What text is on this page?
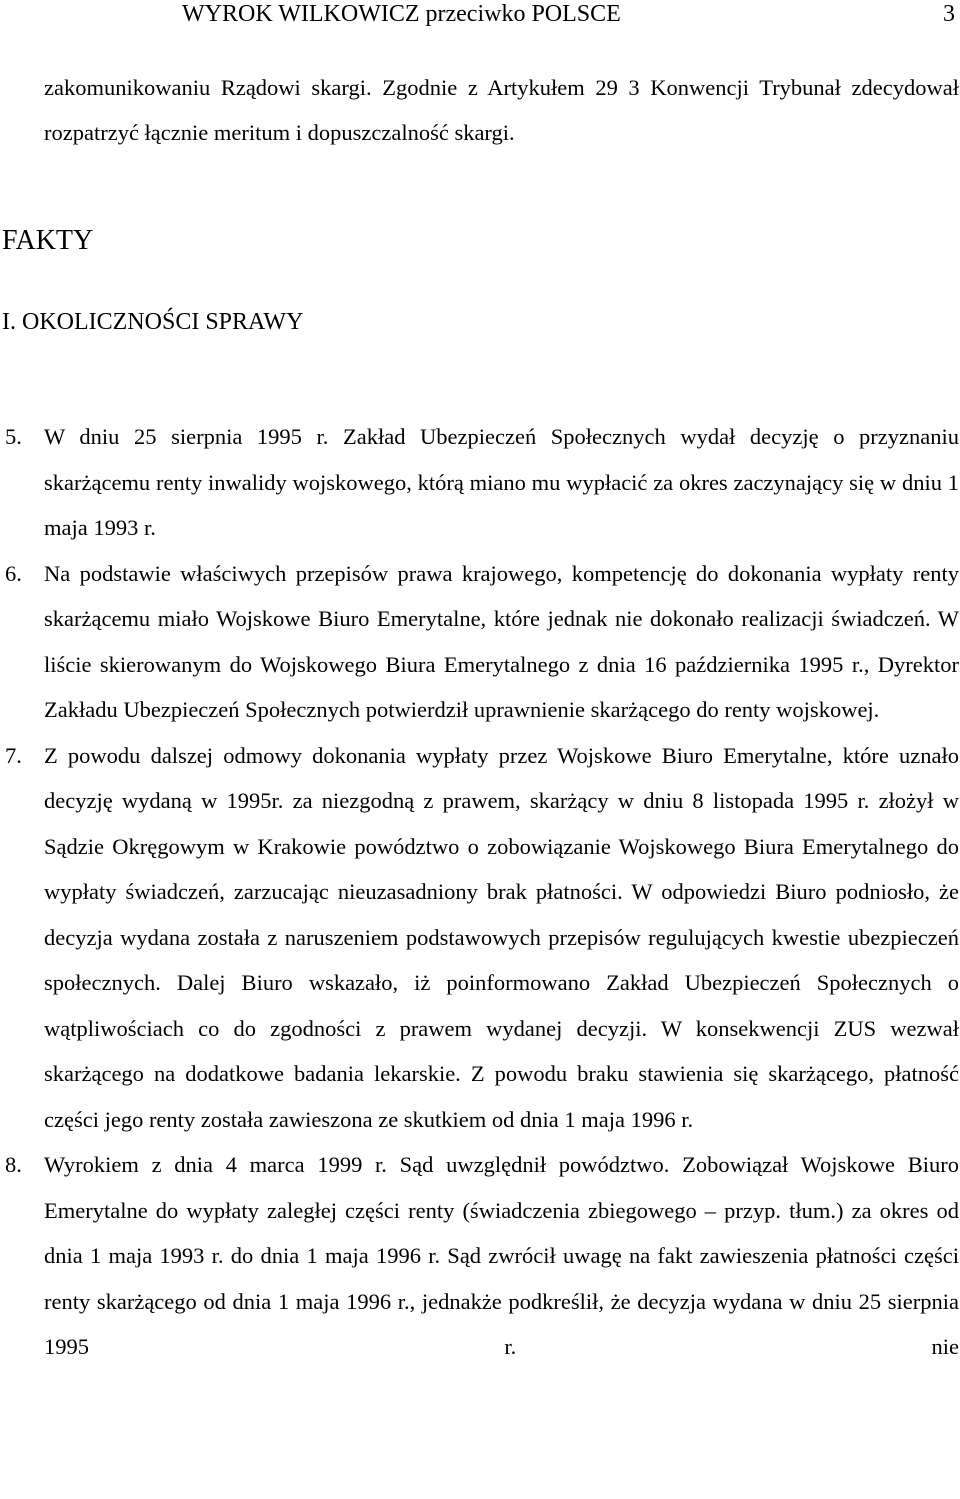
WYROK WILKOWICZ przeciwko POLSCE	3
zakomunikowaniu Rządowi skargi. Zgodnie z Artykułem 29 3 Konwencji Trybunał zdecydował rozpatrzyć łącznie meritum i dopuszczalność skargi.
FAKTY
I. OKOLICZNOŚCI SPRAWY
5. W dniu 25 sierpnia 1995 r. Zakład Ubezpieczeń Społecznych wydał decyzję o przyznaniu skarżącemu renty inwalidy wojskowego, którą miano mu wypłacić za okres zaczynający się w dniu 1 maja 1993 r.
6. Na podstawie właściwych przepisów prawa krajowego, kompetencję do dokonania wypłaty renty skarżącemu miało Wojskowe Biuro Emerytalne, które jednak nie dokonało realizacji świadczeń. W liście skierowanym do Wojskowego Biura Emerytalnego z dnia 16 października 1995 r., Dyrektor Zakładu Ubezpieczeń Społecznych potwierdził uprawnienie skarżącego do renty wojskowej.
7. Z powodu dalszej odmowy dokonania wypłaty przez Wojskowe Biuro Emerytalne, które uznało decyzję wydaną w 1995r. za niezgodną z prawem, skarżący w dniu 8 listopada 1995 r. złożył w Sądzie Okręgowym w Krakowie powództwo o zobowiązanie Wojskowego Biura Emerytalnego do wypłaty świadczeń, zarzucając nieuzasadniony brak płatności. W odpowiedzi Biuro podniosło, że decyzja wydana została z naruszeniem podstawowych przepisów regulujących kwestie ubezpieczeń społecznych. Dalej Biuro wskazało, iż poinformowano Zakład Ubezpieczeń Społecznych o wątpliwościach co do zgodności z prawem wydanej decyzji. W konsekwencji ZUS wezwał skarżącego na dodatkowe badania lekarskie. Z powodu braku stawienia się skarżącego, płatność części jego renty została zawieszona ze skutkiem od dnia 1 maja 1996 r.
8. Wyrokiem z dnia 4 marca 1999 r. Sąd uwzględnił powództwo. Zobowiązał Wojskowe Biuro Emerytalne do wypłaty zaległej części renty (świadczenia zbiegowego – przyp. tłum.) za okres od dnia 1 maja 1993 r. do dnia 1 maja 1996 r. Sąd zwrócił uwagę na fakt zawieszenia płatności części renty skarżącego od dnia 1 maja 1996 r., jednakże podkreślił, że decyzja wydana w dniu 25 sierpnia 1995 r. nie
